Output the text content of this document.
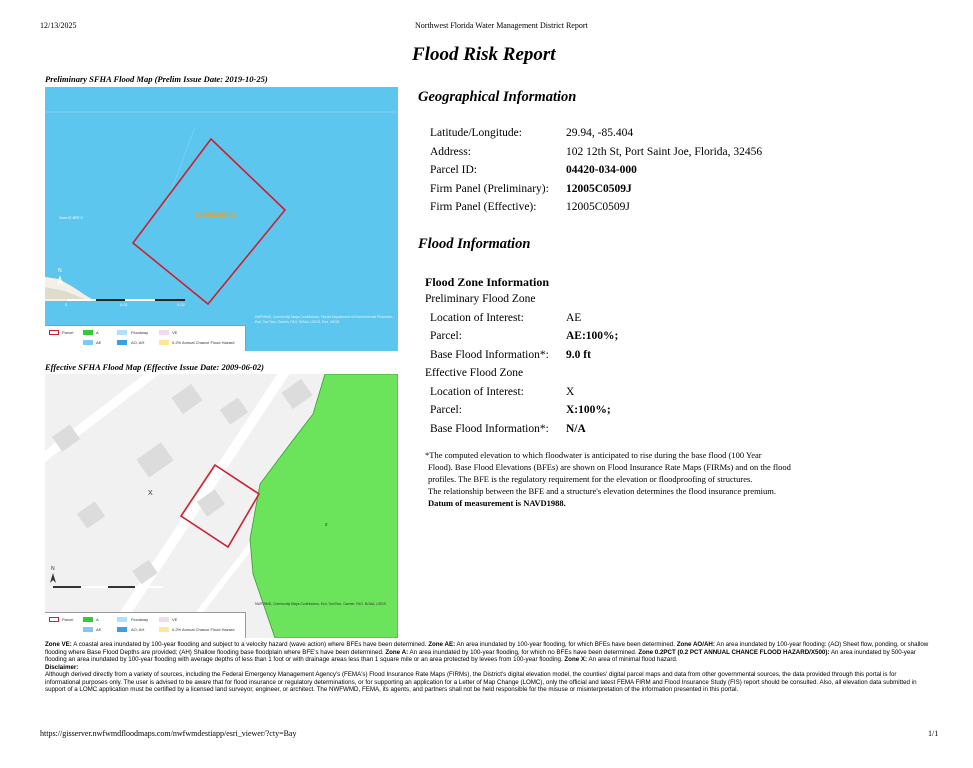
12/13/2025	Northwest Florida Water Management District Report
Flood Risk Report
Preliminary SFHA Flood Map (Prelim Issue Date: 2019-10-25)
Zone IE BFE 9
N
12005C0509J
0	0.01	0.02
NWFWMD, Community Maps Contributors, Florida Department of Environmental Protection, Esri, TomTom, Garmin, FAO, NOAA, USGS, Esri, USGS
Parcel	A	Floodway	VE
AE	AO, AH	0.2% Annual Chance Flood Hazard
Effective SFHA Flood Map (Effective Issue Date: 2009-06-02)
x
N
X
NWFWMD, Community Maps Contributors, Esri, TomTom, Garmin, FAO, NOAA, USGS
Parcel	A	Floodway	VE
AE	AO, AH	0.2% Annual Chance Flood Hazard
Geographical Information
Latitude/Longitude:	29.94, -85.404
Address:	102 12th St, Port Saint Joe, Florida, 32456
Parcel ID:	04420-034-000
Firm Panel (Preliminary): 12005C0509J
Firm Panel (Effective):	12005C0509J
Flood Information
Flood Zone Information
Preliminary Flood Zone
Location of Interest:	AE
Parcel:	AE:100%;
Base Flood Information*: 9.0 ft
Effective Flood Zone
Location of Interest:	X
Parcel:	X:100%;
Base Flood Information*: N/A
*The computed elevation to which floodwater is anticipated to rise during the base flood (100 Year
Flood). Base Flood Elevations (BFEs) are shown on Flood Insurance Rate Maps (FIRMs) and on the flood
profiles. The BFE is the regulatory requirement for the elevation or floodproofing of structures.
The relationship between the BFE and a structure's elevation determines the flood insurance premium.
Datum of measurement is NAVD1988.
Zone VE: A coastal area inundated by 100-year flooding and subject to a velocity hazard (wave action) where BFEs have been determined. Zone AE: An area inundated by 100-year flooding, for which BFEs have been determined. Zone AO/AH: An area inundated by 100-year flooding: (AO) Sheet flow, ponding, or shallow flooding where Base Flood Depths are provided; (AH) Shallow flooding base floodplain where BFE's have been determined. Zone A: An area inundated by 100-year flooding, for which no BFEs have been determined. Zone 0.2PCT (0.2 PCT ANNUAL CHANCE FLOOD HAZARD/X500): An area inundated by 500-year flooding an area inundated by 100-year flooding with average depths of less than 1 foot or with drainage areas less than 1 square mile or an area protected by levees from 100-year flooding. Zone X: An area of minimal flood hazard.
Disclaimer:
Although derived directly from a variety of sources, including the Federal Emergency Management Agency's (FEMA's) Flood Insurance Rate Maps (FIRMs), the District's digital elevation model, the counties' digital parcel maps and data from other governmental sources, the data provided through this portal is for informational purposes only. The user is advised to be aware that for flood insurance or regulatory determinations, or for supporting an application for a Letter of Map Change (LOMC), only the official and latest FEMA FIRM and Flood Insurance Study (FIS) report should be consulted. Also, all elevation data submitted in support of a LOMC application must be certified by a licensed land surveyor, engineer, or architect. The NWFWMD, FEMA, its agents, and partners shall not be held responsible for the misuse or misinterpretation of the information presented in this portal.
https://gisserver.nwfwmdfloodmaps.com/nwfwmdestiapp/esri_viewer/?cty=Bay	1/1
